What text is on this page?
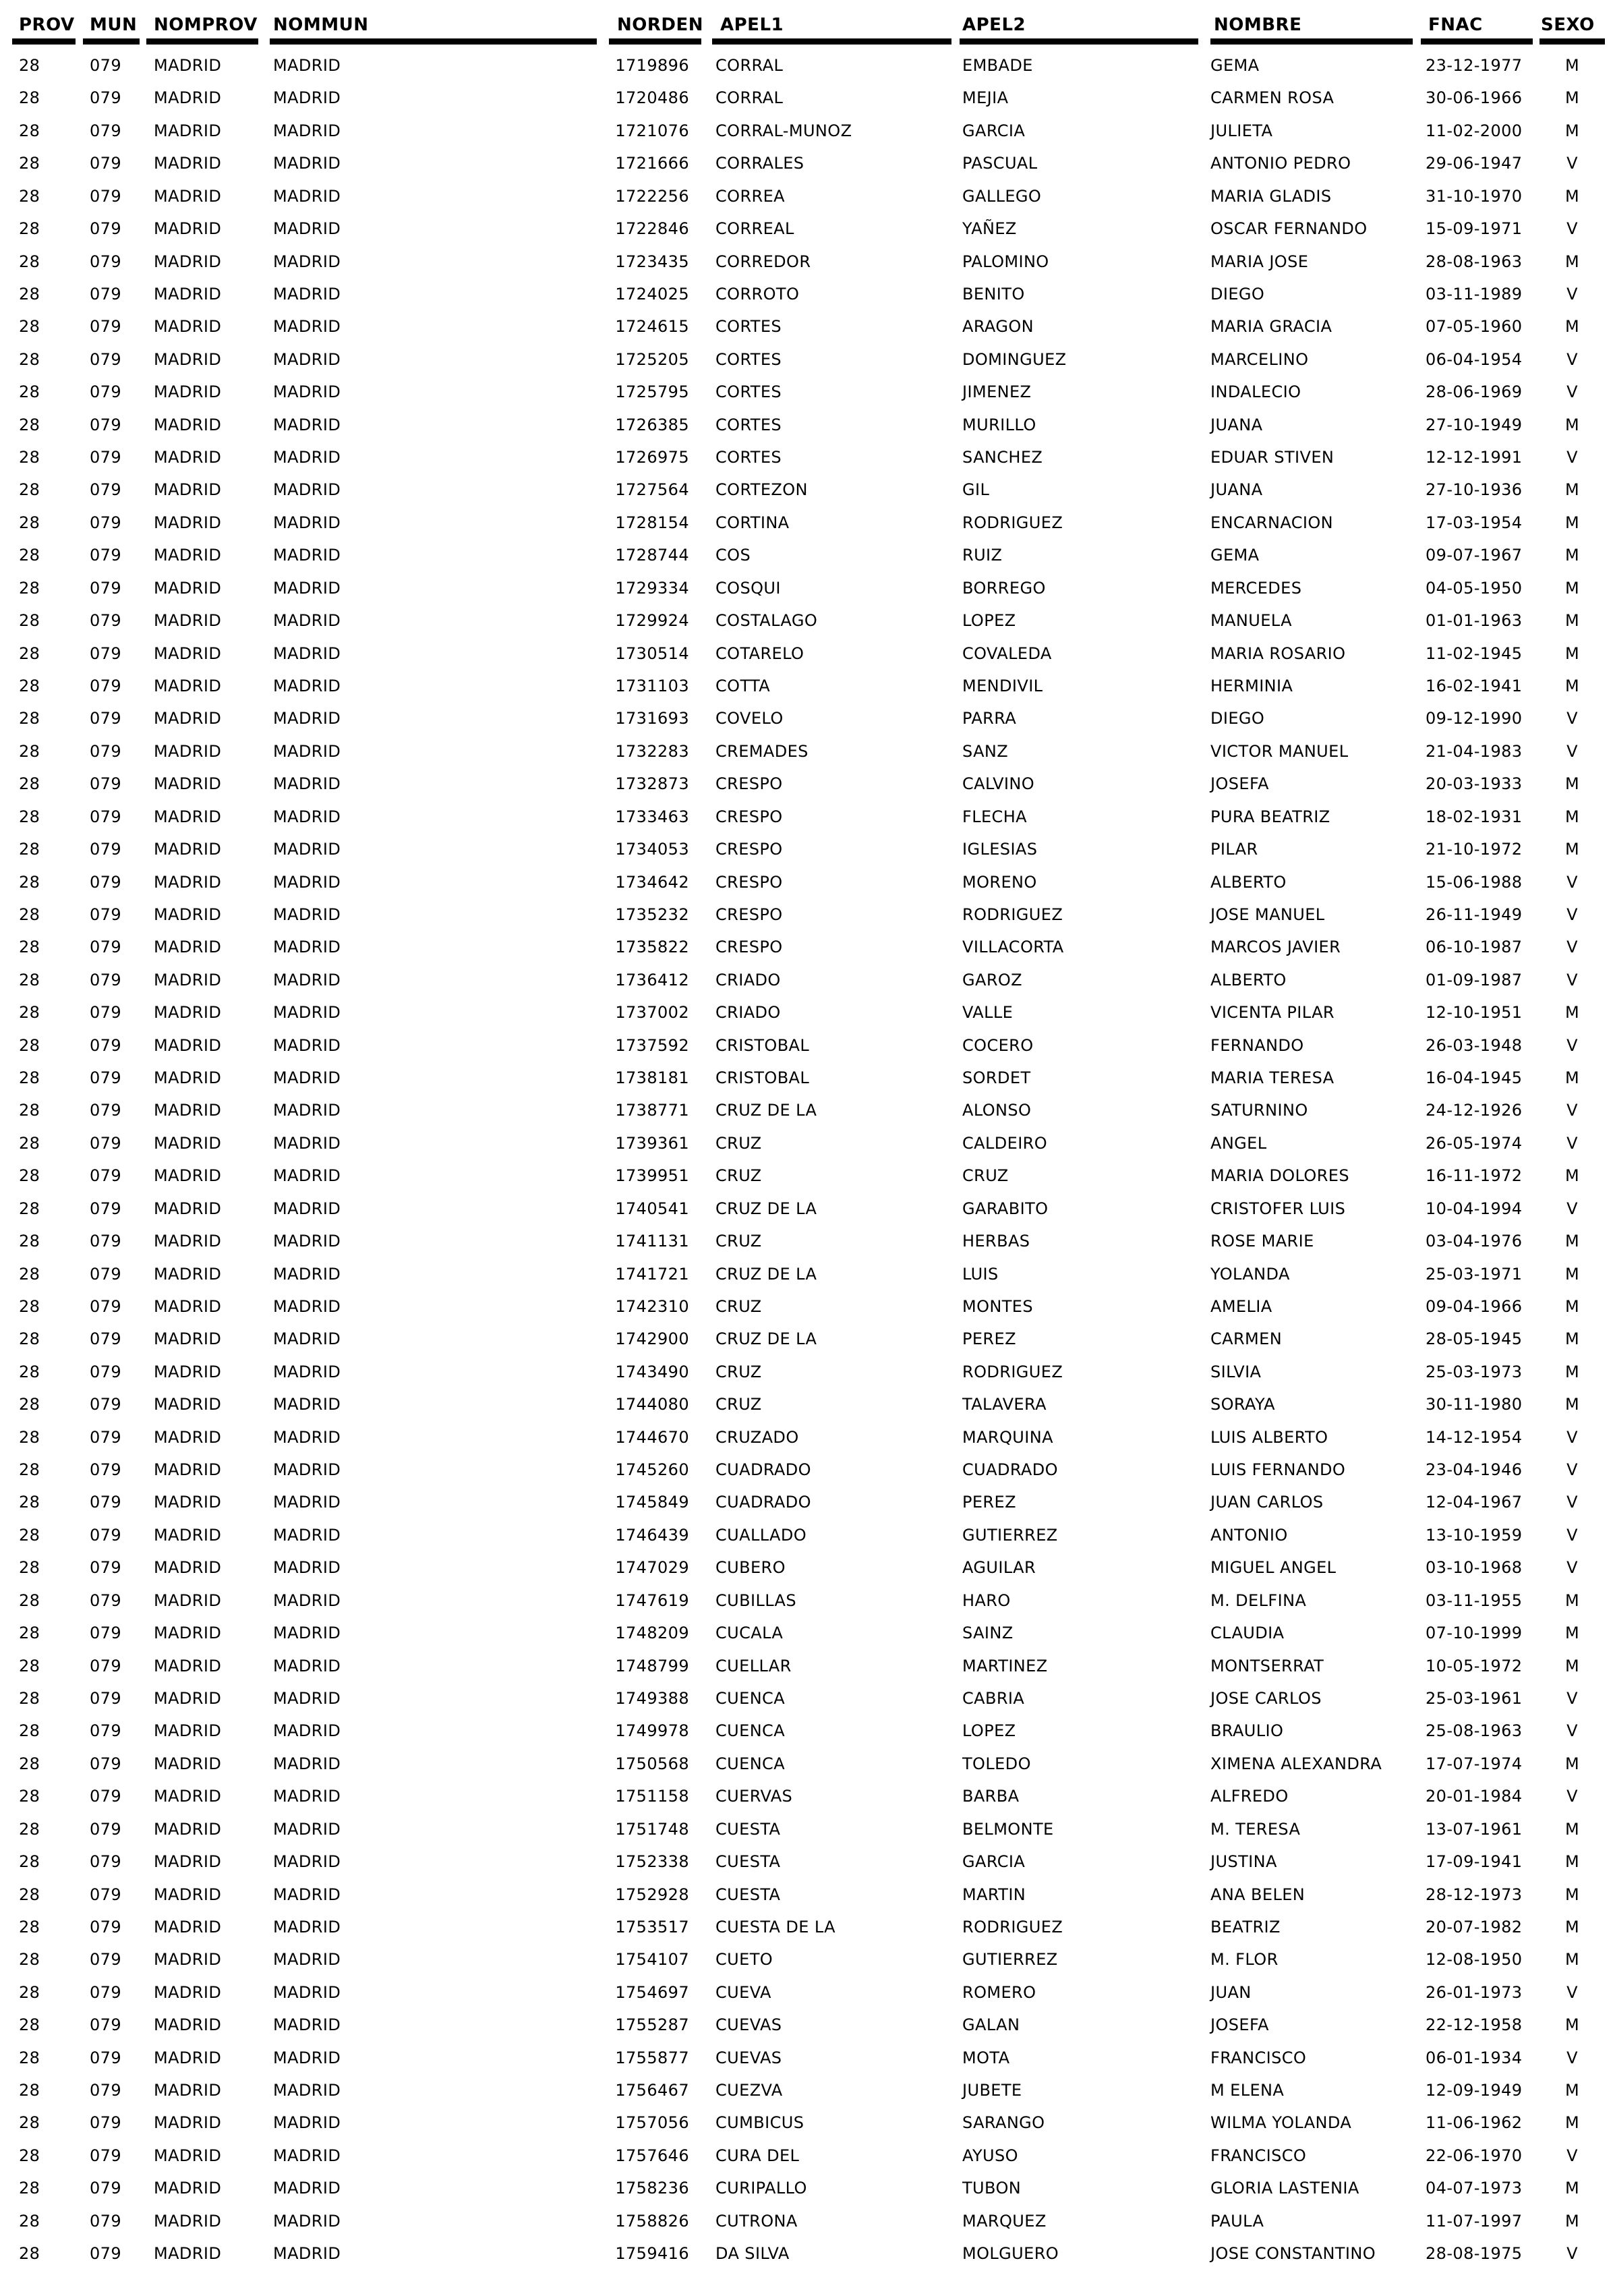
PROV MUN NOMPROV NOMMUN	NORDEN APEL1	APEL2	NOMBRE	FNAC	SEXO
28	079 MADRID	MADRID	1719896 CORRAL	EMBADE	GEMA	23-12-1977	M
28	079 MADRID	MADRID	1720486 CORRAL	MEJIA	CARMEN ROSA	30-06-1966	M
28	079 MADRID	MADRID	1721076 CORRAL-MUNOZ	GARCIA	JULIETA	11-02-2000	M
28	079 MADRID	MADRID	1721666 CORRALES	PASCUAL	ANTONIO PEDRO	29-06-1947	V
28	079 MADRID	MADRID	1722256 CORREA	GALLEGO	MARIA GLADIS	31-10-1970	M
28	079 MADRID	MADRID	1722846 CORREAL	YAÑEZ	OSCAR FERNANDO	15-09-1971	V
28	079 MADRID	MADRID	1723435 CORREDOR	PALOMINO	MARIA JOSE	28-08-1963	M
28	079 MADRID	MADRID	1724025 CORROTO	BENITO	DIEGO	03-11-1989	V
28	079 MADRID	MADRID	1724615 CORTES	ARAGON	MARIA GRACIA	07-05-1960	M
28	079 MADRID	MADRID	1725205 CORTES	DOMINGUEZ	MARCELINO	06-04-1954	V
28	079 MADRID	MADRID	1725795 CORTES	JIMENEZ	INDALECIO	28-06-1969	V
28	079 MADRID	MADRID	1726385 CORTES	MURILLO	JUANA	27-10-1949	M
28	079 MADRID	MADRID	1726975 CORTES	SANCHEZ	EDUAR STIVEN	12-12-1991	V
28	079 MADRID	MADRID	1727564 CORTEZON	GIL	JUANA	27-10-1936	M
28	079 MADRID	MADRID	1728154 CORTINA	RODRIGUEZ	ENCARNACION	17-03-1954	M
28	079 MADRID	MADRID	1728744 COS	RUIZ	GEMA	09-07-1967	M
28	079 MADRID	MADRID	1729334 COSQUI	BORREGO	MERCEDES	04-05-1950	M
28	079 MADRID	MADRID	1729924 COSTALAGO	LOPEZ	MANUELA	01-01-1963	M
28	079 MADRID	MADRID	1730514 COTARELO	COVALEDA	MARIA ROSARIO	11-02-1945	M
28	079 MADRID	MADRID	1731103 COTTA	MENDIVIL	HERMINIA	16-02-1941	M
28	079 MADRID	MADRID	1731693 COVELO	PARRA	DIEGO	09-12-1990	V
28	079 MADRID	MADRID	1732283 CREMADES	SANZ	VICTOR MANUEL	21-04-1983	V
28	079 MADRID	MADRID	1732873 CRESPO	CALVINO	JOSEFA	20-03-1933	M
28	079 MADRID	MADRID	1733463 CRESPO	FLECHA	PURA BEATRIZ	18-02-1931	M
28	079 MADRID	MADRID	1734053 CRESPO	IGLESIAS	PILAR	21-10-1972	M
28	079 MADRID	MADRID	1734642 CRESPO	MORENO	ALBERTO	15-06-1988	V
28	079 MADRID	MADRID	1735232 CRESPO	RODRIGUEZ	JOSE MANUEL	26-11-1949	V
28	079 MADRID	MADRID	1735822 CRESPO	VILLACORTA	MARCOS JAVIER	06-10-1987	V
28	079 MADRID	MADRID	1736412 CRIADO	GAROZ	ALBERTO	01-09-1987	V
28	079 MADRID	MADRID	1737002 CRIADO	VALLE	VICENTA PILAR	12-10-1951	M
28	079 MADRID	MADRID	1737592 CRISTOBAL	COCERO	FERNANDO	26-03-1948	V
28	079 MADRID	MADRID	1738181 CRISTOBAL	SORDET	MARIA TERESA	16-04-1945	M
28	079 MADRID	MADRID	1738771 CRUZ DE LA	ALONSO	SATURNINO	24-12-1926	V
28	079 MADRID	MADRID	1739361 CRUZ	CALDEIRO	ANGEL	26-05-1974	V
28	079 MADRID	MADRID	1739951 CRUZ	CRUZ	MARIA DOLORES	16-11-1972	M
28	079 MADRID	MADRID	1740541 CRUZ DE LA	GARABITO	CRISTOFER LUIS	10-04-1994	V
28	079 MADRID	MADRID	1741131 CRUZ	HERBAS	ROSE MARIE	03-04-1976	M
28	079 MADRID	MADRID	1741721 CRUZ DE LA	LUIS	YOLANDA	25-03-1971	M
28	079 MADRID	MADRID	1742310 CRUZ	MONTES	AMELIA	09-04-1966	M
28	079 MADRID	MADRID	1742900 CRUZ DE LA	PEREZ	CARMEN	28-05-1945	M
28	079 MADRID	MADRID	1743490 CRUZ	RODRIGUEZ	SILVIA	25-03-1973	M
28	079 MADRID	MADRID	1744080 CRUZ	TALAVERA	SORAYA	30-11-1980	M
28	079 MADRID	MADRID	1744670 CRUZADO	MARQUINA	LUIS ALBERTO	14-12-1954	V
28	079 MADRID	MADRID	1745260 CUADRADO	CUADRADO	LUIS FERNANDO	23-04-1946	V
28	079 MADRID	MADRID	1745849 CUADRADO	PEREZ	JUAN CARLOS	12-04-1967	V
28	079 MADRID	MADRID	1746439 CUALLADO	GUTIERREZ	ANTONIO	13-10-1959	V
28	079 MADRID	MADRID	1747029 CUBERO	AGUILAR	MIGUEL ANGEL	03-10-1968	V
28	079 MADRID	MADRID	1747619 CUBILLAS	HARO	M. DELFINA	03-11-1955	M
28	079 MADRID	MADRID	1748209 CUCALA	SAINZ	CLAUDIA	07-10-1999	M
28	079 MADRID	MADRID	1748799 CUELLAR	MARTINEZ	MONTSERRAT	10-05-1972	M
28	079 MADRID	MADRID	1749388 CUENCA	CABRIA	JOSE CARLOS	25-03-1961	V
28	079 MADRID	MADRID	1749978 CUENCA	LOPEZ	BRAULIO	25-08-1963	V
28	079 MADRID	MADRID	1750568 CUENCA	TOLEDO	XIMENA ALEXANDRA	17-07-1974	M
28	079 MADRID	MADRID	1751158 CUERVAS	BARBA	ALFREDO	20-01-1984	V
28	079 MADRID	MADRID	1751748 CUESTA	BELMONTE	M. TERESA	13-07-1961	M
28	079 MADRID	MADRID	1752338 CUESTA	GARCIA	JUSTINA	17-09-1941	M
28	079 MADRID	MADRID	1752928 CUESTA	MARTIN	ANA BELEN	28-12-1973	M
28	079 MADRID	MADRID	1753517 CUESTA DE LA	RODRIGUEZ	BEATRIZ	20-07-1982	M
28	079 MADRID	MADRID	1754107 CUETO	GUTIERREZ	M. FLOR	12-08-1950	M
28	079 MADRID	MADRID	1754697 CUEVA	ROMERO	JUAN	26-01-1973	V
28	079 MADRID	MADRID	1755287 CUEVAS	GALAN	JOSEFA	22-12-1958	M
28	079 MADRID	MADRID	1755877 CUEVAS	MOTA	FRANCISCO	06-01-1934	V
28	079 MADRID	MADRID	1756467 CUEZVA	JUBETE	M ELENA	12-09-1949	M
28	079 MADRID	MADRID	1757056 CUMBICUS	SARANGO	WILMA YOLANDA	11-06-1962	M
28	079 MADRID	MADRID	1757646 CURA DEL	AYUSO	FRANCISCO	22-06-1970	V
28	079 MADRID	MADRID	1758236 CURIPALLO	TUBON	GLORIA LASTENIA	04-07-1973	M
28	079 MADRID	MADRID	1758826 CUTRONA	MARQUEZ	PAULA	11-07-1997	M
28	079 MADRID	MADRID	1759416 DA SILVA	MOLGUERO	JOSE CONSTANTINO	28-08-1975	V
